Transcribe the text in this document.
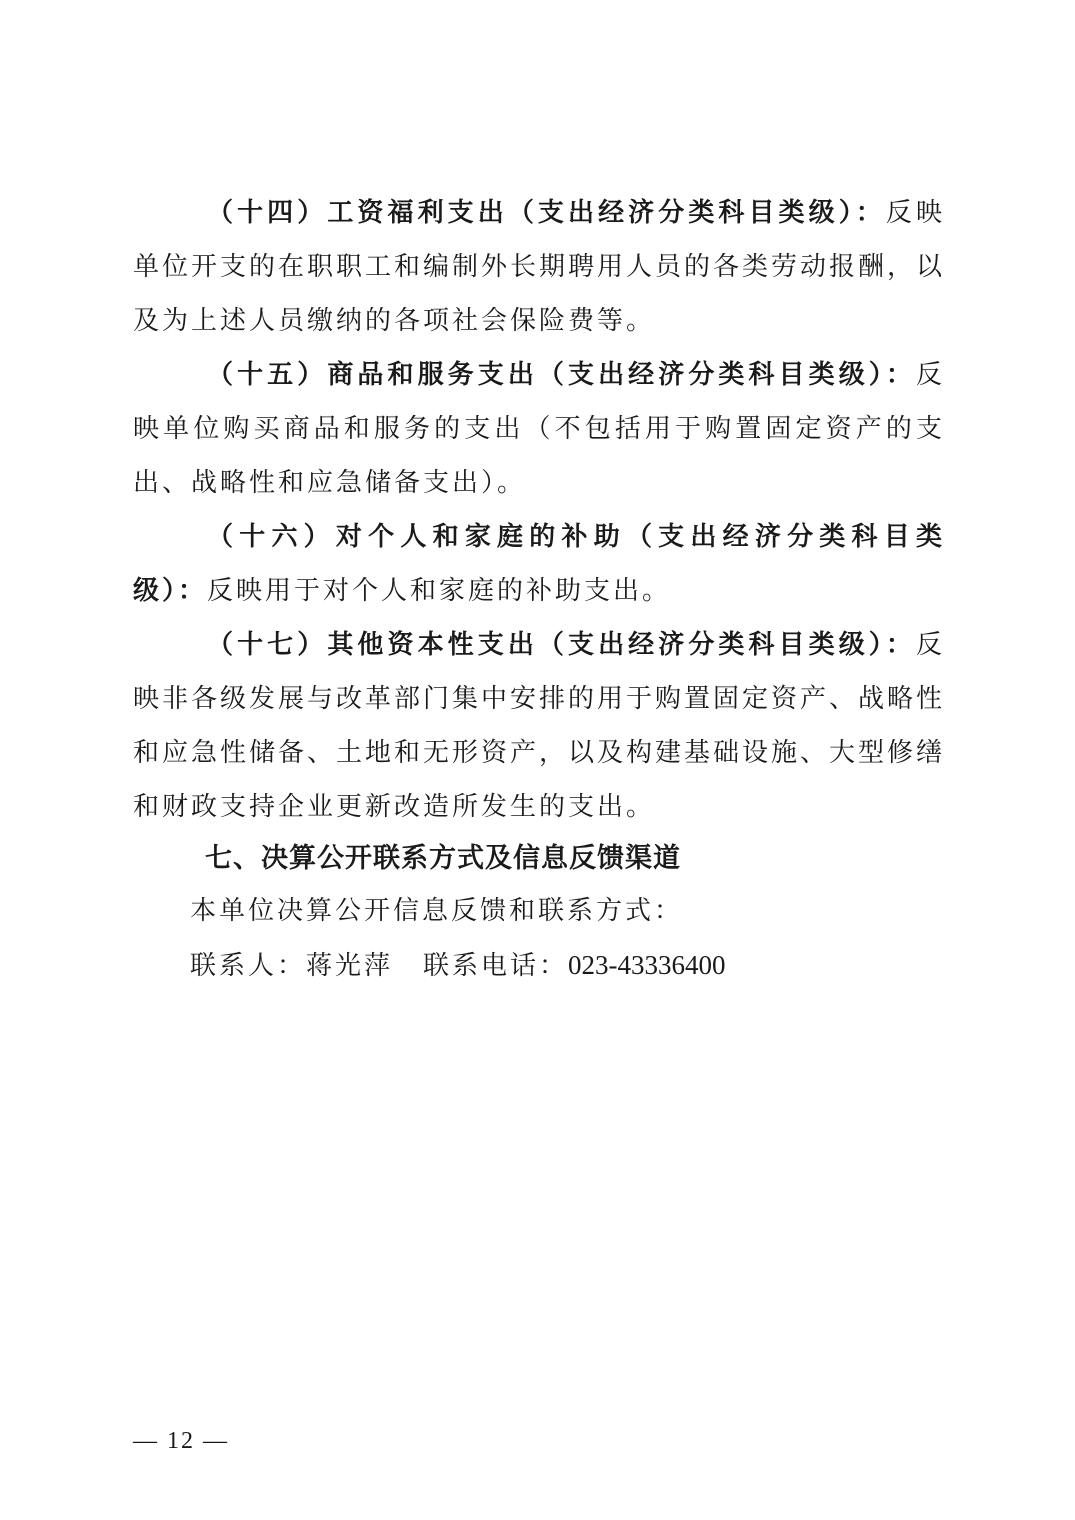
（十四）工资福利支出（支出经济分类科目类级）：反映单位开支的在职职工和编制外长期聘用人员的各类劳动报酬，以及为上述人员缴纳的各项社会保险费等。

（十五）商品和服务支出（支出经济分类科目类级）：反映单位购买商品和服务的支出（不包括用于购置固定资产的支出、战略性和应急储备支出）。

（十六）对个人和家庭的补助（支出经济分类科目类级）：反映用于对个人和家庭的补助支出。

（十七）其他资本性支出（支出经济分类科目类级）：反映非各级发展与改革部门集中安排的用于购置固定资产、战略性和应急性储备、土地和无形资产，以及构建基础设施、大型修缮和财政支持企业更新改造所发生的支出。

七、决算公开联系方式及信息反馈渠道

本单位决算公开信息反馈和联系方式：

联系人：蒋光萍 联系电话：023-43336400

— 12 —
